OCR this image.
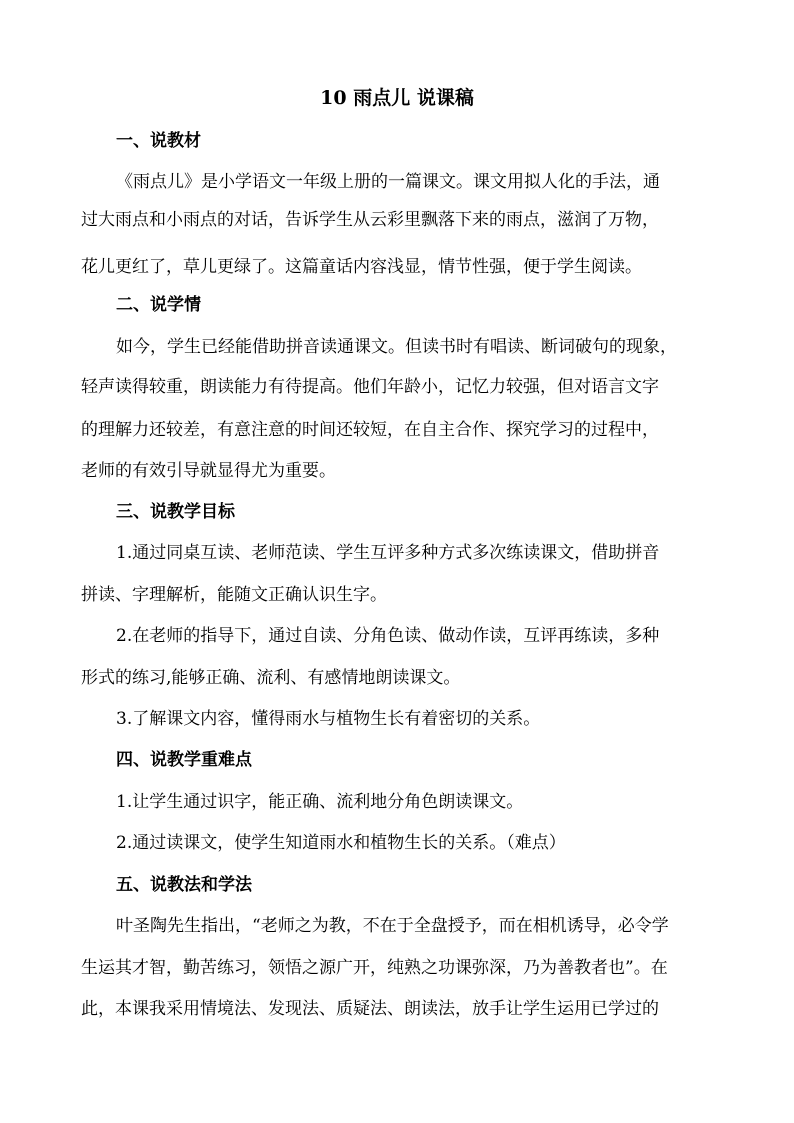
10 雨点儿 说课稿
一、说教材
《雨点儿》是小学语文一年级上册的一篇课文。课文用拟人化的手法，通
过大雨点和小雨点的对话，告诉学生从云彩里飘落下来的雨点，滋润了万物，
花儿更红了，草儿更绿了。这篇童话内容浅显，情节性强，便于学生阅读。
二、说学情
如今，学生已经能借助拼音读通课文。但读书时有唱读、断词破句的现象，
轻声读得较重，朗读能力有待提高。他们年龄小，记忆力较强，但对语言文字
的理解力还较差，有意注意的时间还较短，在自主合作、探究学习的过程中，
老师的有效引导就显得尤为重要。
三、说教学目标
1.通过同桌互读、老师范读、学生互评多种方式多次练读课文，借助拼音
拼读、字理解析，能随文正确认识生字。
2.在老师的指导下，通过自读、分角色读、做动作读，互评再练读，多种
形式的练习,能够正确、流利、有感情地朗读课文。
3.了解课文内容，懂得雨水与植物生长有着密切的关系。
四、说教学重难点
1.让学生通过识字，能正确、流利地分角色朗读课文。
2.通过读课文，使学生知道雨水和植物生长的关系。（难点）
五、说教法和学法
叶圣陶先生指出，“老师之为教，不在于全盘授予，而在相机诱导，必令学
生运其才智，勤苦练习，领悟之源广开，纯熟之功课弥深，乃为善教者也”。在
此，本课我采用情境法、发现法、质疑法、朗读法，放手让学生运用已学过的
